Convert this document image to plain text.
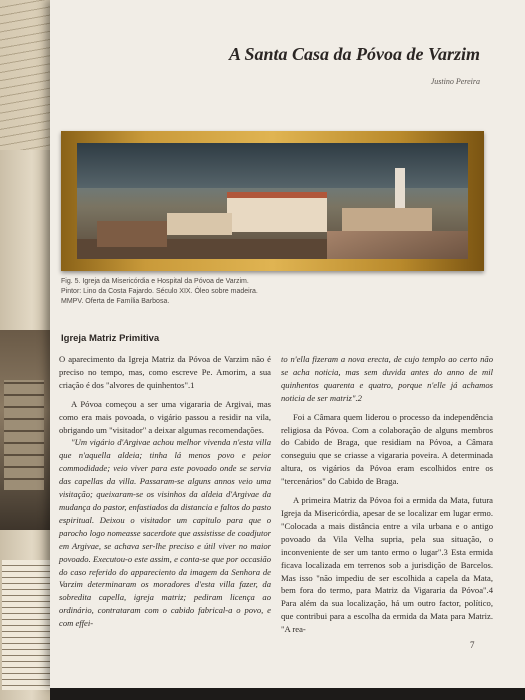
A Santa Casa da Póvoa de Varzim
Justino Pereira
Fig. 5. Igreja da Misericórdia e Hospital da Póvoa de Varzim.
Pintor: Lino da Costa Fajardo. Século XIX. Óleo sobre madeira.
MMPV. Oferta de Família Barbosa.
Igreja Matriz Primitiva

O aparecimento da Igreja Matriz da Póvoa de Varzim não é preciso no tempo, mas, como escreve Pe. Amorim, a sua criação é dos "alvores de quinhentos".1

A Póvoa começou a ser uma vigararia de Argivai, mas como era mais povoada, o vigário passou a residir na vila, obrigando um "visitador" a deixar algumas recomendações.

"Um vigário d'Argivae achou melhor vivenda n'esta villa que n'aquella aldeia; tinha lá menos povo e peior commodidade; veio viver para este povoado onde se servia das capellas da villa. Passaram-se alguns annos veio uma visitação; queixaram-se os visinhos da aldeia d'Argivae da mudança do pastor, enfastiados da distancia e faltos do pasto espiritual. Deixou o visitador um capitulo para que o parocho logo nomeasse sacerdote que assistisse de coadjutor em Argivae, se achava ser-lhe preciso e útil viver no maior povoado. Executou-o este assim, e conta-se que por occasião do caso referido do appareciento da imagem da Senhora de Varzim determinaram os moradores d'esta villa fazer, da sobredita capella, igreja matriz; pediram licença ao ordinário, contrataram com o cabido fabrical-a o povo, e com effei-

to n'ella fizeram a nova erecta, de cujo templo ao certo não se acha noticia, mas sem duvida antes do anno de mil quinhentos quarenta e quatro, porque n'elle já achamos noticia de ser matriz".2

Foi a Câmara quem liderou o processo da independência religiosa da Póvoa. Com a colaboração de alguns membros do Cabido de Braga, que residiam na Póvoa, a Câmara conseguiu que se criasse a vigararia poveira. A determinada altura, os vigários da Póvoa eram escolhidos entre os "tercenários" do Cabido de Braga.

A primeira Matriz da Póvoa foi a ermida da Mata, futura Igreja da Misericórdia, apesar de se localizar em lugar ermo. "Colocada a mais distância entre a vila urbana e o antigo povoado da Vila Velha supria, pela sua situação, o inconveniente de ser um tanto ermo o lugar".3 Esta ermida ficava localizada em terrenos sob a jurisdição de Barcelos. Mas isso "não impediu de ser escolhida a capela da Mata, bem fora do termo, para Matriz da Vigararia da Póvoa".4 Para além da sua localização, há um outro factor, político, que contribui para a escolha da ermida da Mata para Matriz. "A rea-

7
